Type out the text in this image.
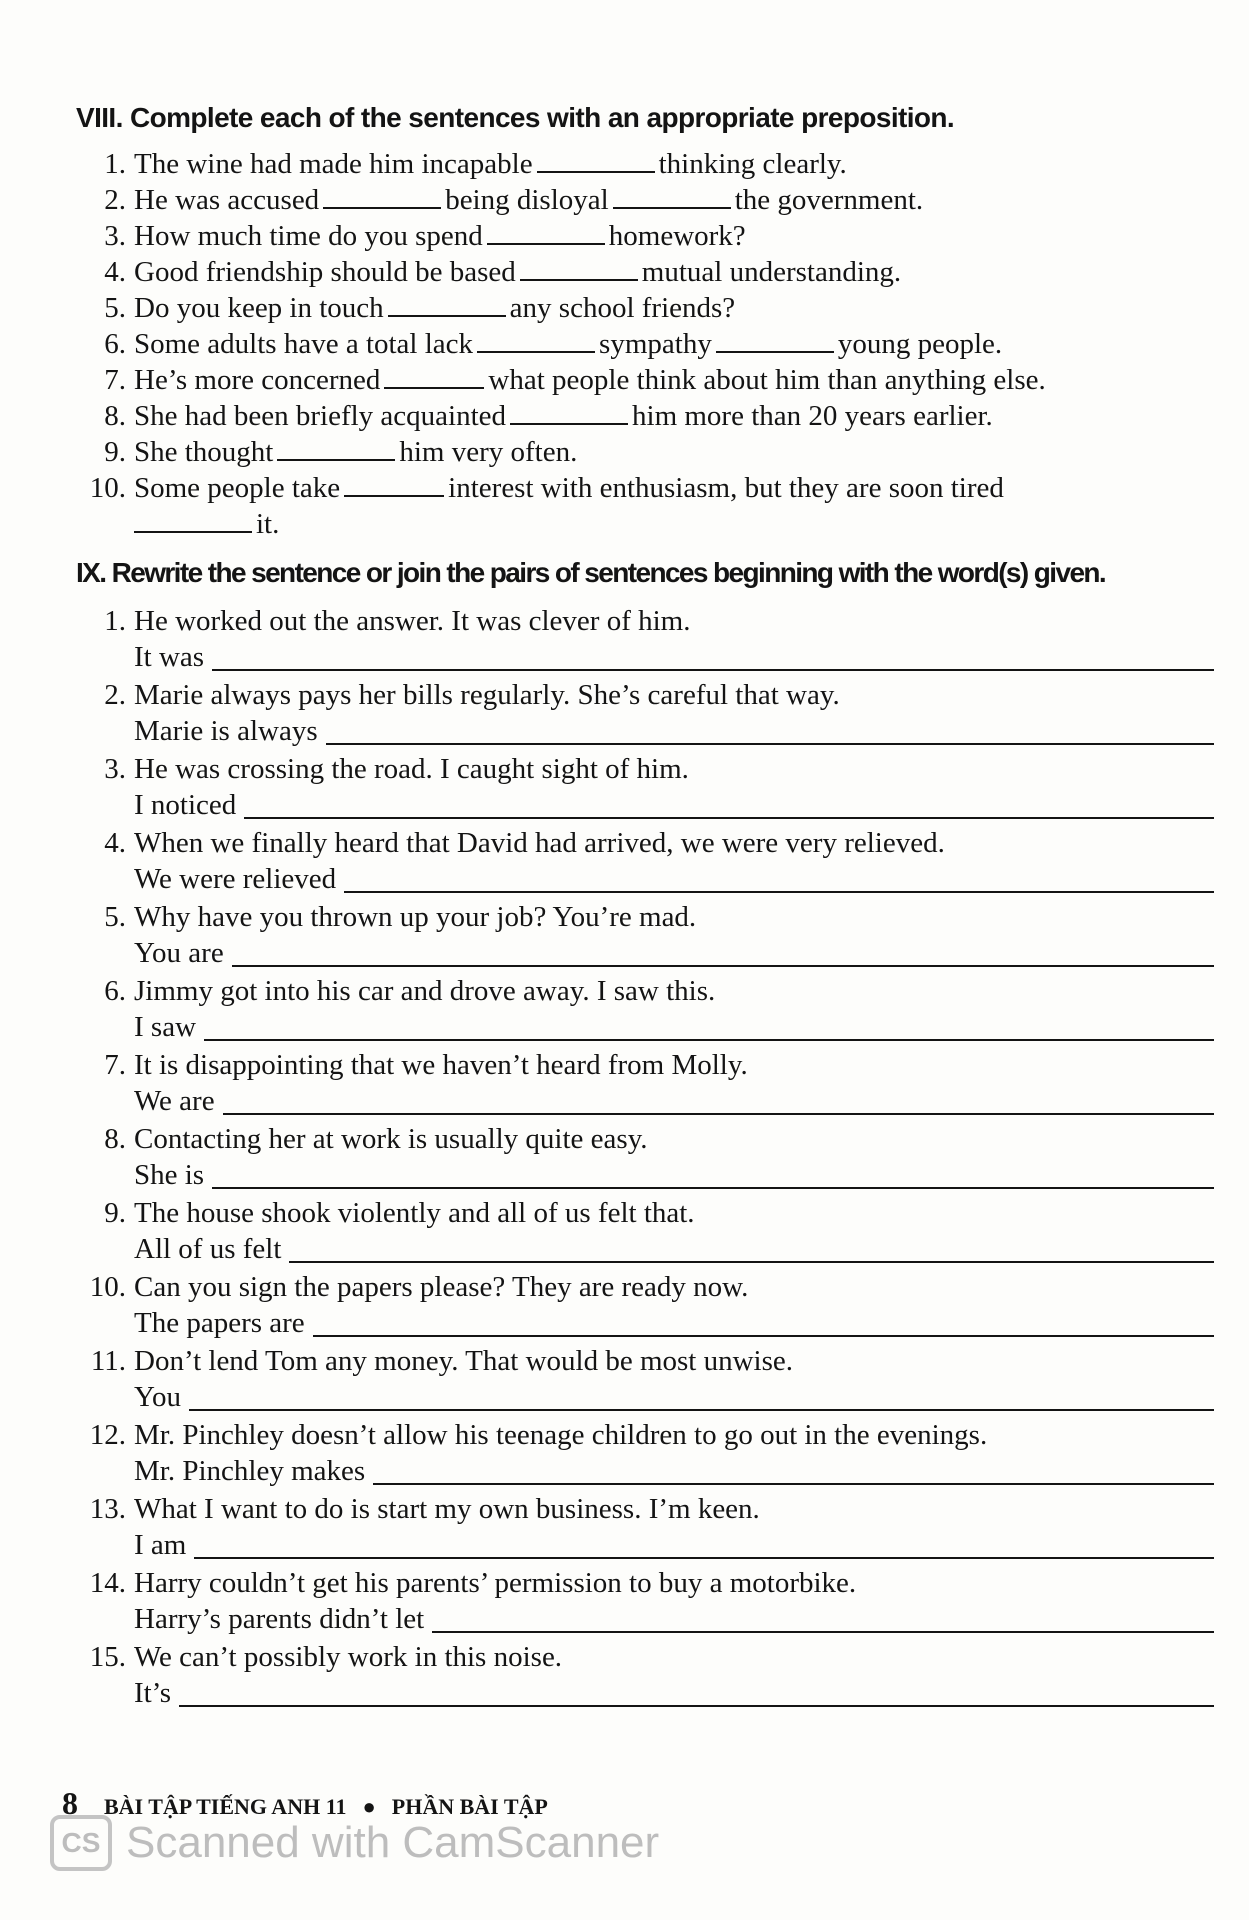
VIII. Complete each of the sentences with an appropriate preposition.
1. The wine had made him incapable	thinking clearly.
2. He was accused	being disloyal	the government.
3. How much time do you spend	homework?
4. Good friendship should be based	mutual understanding.
5. Do you keep in touch	any school friends?
6. Some adults have a total lack	sympathy	young people.
7. He’s more concerned	what people think about him than anything else.
8. She had been briefly acquainted	him more than 20 years earlier.
9. She thought	him very often.
10. Some people take	interest with enthusiasm, but they are soon tired
it.
IX. Rewrite the sentence or join the pairs of sentences beginning with the word(s) given.
1. He worked out the answer. It was clever of him.
It was
2. Marie always pays her bills regularly. She’s careful that way.
Marie is always
3. He was crossing the road. I caught sight of him.
I noticed
4. When we finally heard that David had arrived, we were very relieved.
We were relieved
5. Why have you thrown up your job? You’re mad.
You are
6. Jimmy got into his car and drove away. I saw this.
I saw
7. It is disappointing that we haven’t heard from Molly.
We are
8. Contacting her at work is usually quite easy.
She is
9. The house shook violently and all of us felt that.
All of us felt
10. Can you sign the papers please? They are ready now.
The papers are
11. Don’t lend Tom any money. That would be most unwise.
You
12. Mr. Pinchley doesn’t allow his teenage children to go out in the evenings.
Mr. Pinchley makes
13. What I want to do is start my own business. I’m keen.
I am
14. Harry couldn’t get his parents’ permission to buy a motorbike.
Harry’s parents didn’t let
15. We can’t possibly work in this noise.
It’s
8 BÀI TẬP TIẾNG ANH 11 ● PHẦN BÀI TẬP
CS Scanned with CamScanner
